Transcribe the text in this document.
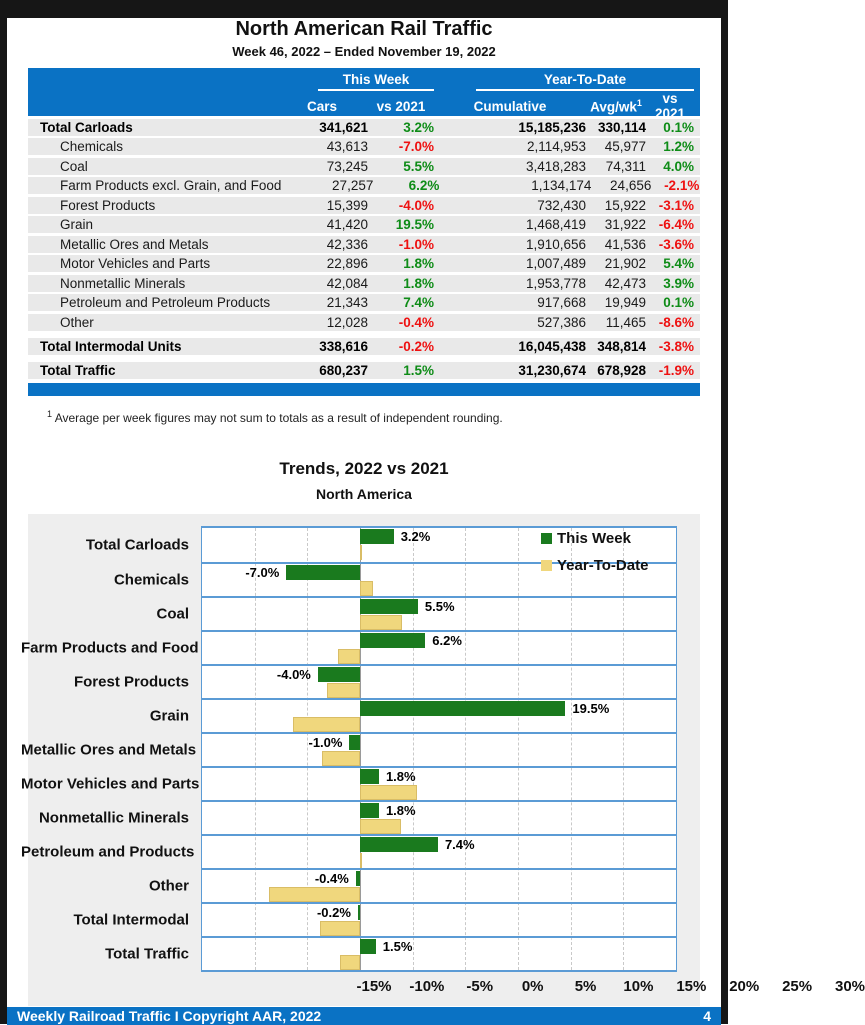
North American Rail Traffic
Week 46, 2022 – Ended November 19, 2022
This Week	Year-To-Date
Cars	vs 2021	Cumulative	Avg/$wk^1$	vs 2021
Total Carloads	341,621	3.2%	15,185,236 330,114	0.1%
Chemicals	43,613	-7.0%	2,114,953	45,977	1.2%
Coal	73,245	5.5%	3,418,283	74,311	4.0%
Farm Products excl. Grain, and Food	27,257	6.2%	1,134,174	24,656 -2.1%
Forest Products	15,399	-4.0%	732,430	15,922 -3.1%
Grain	41,420	19.5%	1,468,419	31,922 -6.4%
Metallic Ores and Metals	42,336	-1.0%	1,910,656	41,536 -3.6%
Motor Vehicles and Parts	22,896	1.8%	1,007,489	21,902	5.4%
Nonmetallic Minerals	42,084	1.8%	1,953,778	42,473	3.9%
Petroleum and Petroleum Products	21,343	7.4%	917,668	19,949	0.1%
Other	12,028	-0.4%	527,386	11,465 -8.6%
Total Intermodal Units	338,616	-0.2%	16,045,438 348,814 -3.8%
Total Traffic	680,237	1.5%	31,230,674 678,928 -1.9%
$^1$ Average per week figures may not sum to totals as a result of independent rounding.
Trends, 2022 vs 2021
North America
Total Carloads	3.2%
Chemicals	-7.0%
Coal	5.5%
Farm Products and Food	6.2%
Forest Products	-4.0%
Grain	19.5%
Metallic Ores and Metals	-1.0%
Motor Vehicles and Parts	1.8%
Nonmetallic Minerals	1.8%
Petroleum and Products	7.4%
Other	-0.4%
Total Intermodal	-0.2%
Total Traffic	1.5%
-15% -10% -5% 0% 5% 10% 15% 20% 25% 30%
This Week
Year-To-Date
Weekly Railroad Traffic I Copyright AAR, 2022	4
